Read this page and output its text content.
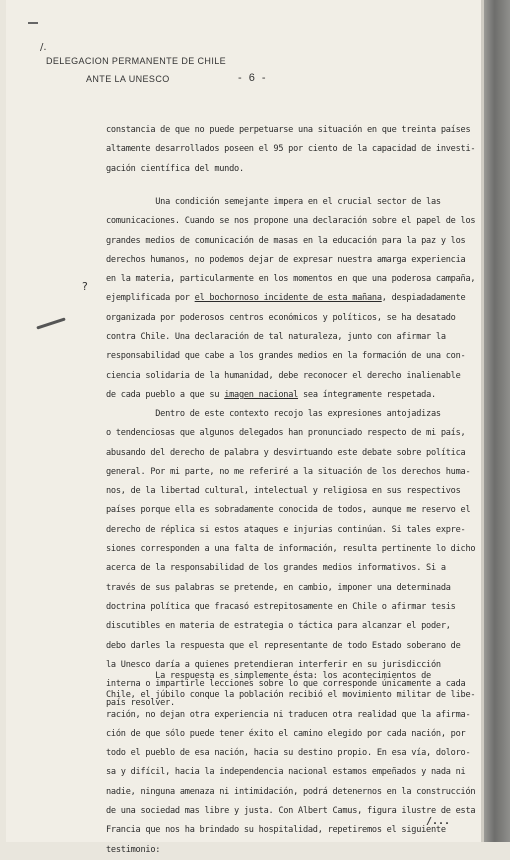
/.
?
DELEGACION PERMANENTE DE CHILE
ANTE LA UNESCO	- 6 -
constancia de que no puede perpetuarse una situación en que treinta países
altamente desarrollados poseen el 95 por ciento de la capacidad de investi-
gación científica del mundo.
Una condición semejante impera en el crucial sector de las
comunicaciones. Cuando se nos propone una declaración sobre el papel de los
grandes medios de comunicación de masas en la educación para la paz y los
derechos humanos, no podemos dejar de expresar nuestra amarga experiencia
en la materia, particularmente en los momentos en que una poderosa campaña,
ejemplificada por el bochornoso incidente de esta mañana, despiadadamente
organizada por poderosos centros económicos y políticos, se ha desatado
contra Chile. Una declaración de tal naturaleza, junto con afirmar la
responsabilidad que cabe a los grandes medios en la formación de una con-
ciencia solidaria de la humanidad, debe reconocer el derecho inalienable
de cada pueblo a que su imagen nacional sea íntegramente respetada.
Dentro de este contexto recojo las expresiones antojadizas
o tendenciosas que algunos delegados han pronunciado respecto de mi país,
abusando del derecho de palabra y desvirtuando este debate sobre política
general. Por mi parte, no me referiré a la situación de los derechos huma-
nos, de la libertad cultural, intelectual y religiosa en sus respectivos
países porque ella es sobradamente conocida de todos, aunque me reservo el
derecho de réplica si estos ataques e injurias continúan. Si tales expre-
siones corresponden a una falta de información, resulta pertinente lo dicho
acerca de la responsabilidad de los grandes medios informativos. Si a
través de sus palabras se pretende, en cambio, imponer una determinada
doctrina política que fracasó estrepitosamente en Chile o afirmar tesis
discutibles en materia de estrategia o táctica para alcanzar el poder,
debo darles la respuesta que el representante de todo Estado soberano de
la Unesco daría a quienes pretendieran interferir en su jurisdicción
interna o impartirle lecciones sobre lo que corresponde únicamente a cada
país resolver.
La respuesta es simplemente ésta: los acontecimientos de
Chile, el júbilo conque la población recibió el movimiento militar de libe-
ración, no dejan otra experiencia ni traducen otra realidad que la afirma-
ción de que sólo puede tener éxito el camino elegido por cada nación, por
todo el pueblo de esa nación, hacia su destino propio. En esa vía, doloro-
sa y difícil, hacia la independencia nacional estamos empeñados y nada ni
nadie, ninguna amenaza ni intimidación, podrá detenernos en la construcción
de una sociedad mas libre y justa. Con Albert Camus, figura ilustre de esta
Francia que nos ha brindado su hospitalidad, repetiremos el siguiente
testimonio:
/...
